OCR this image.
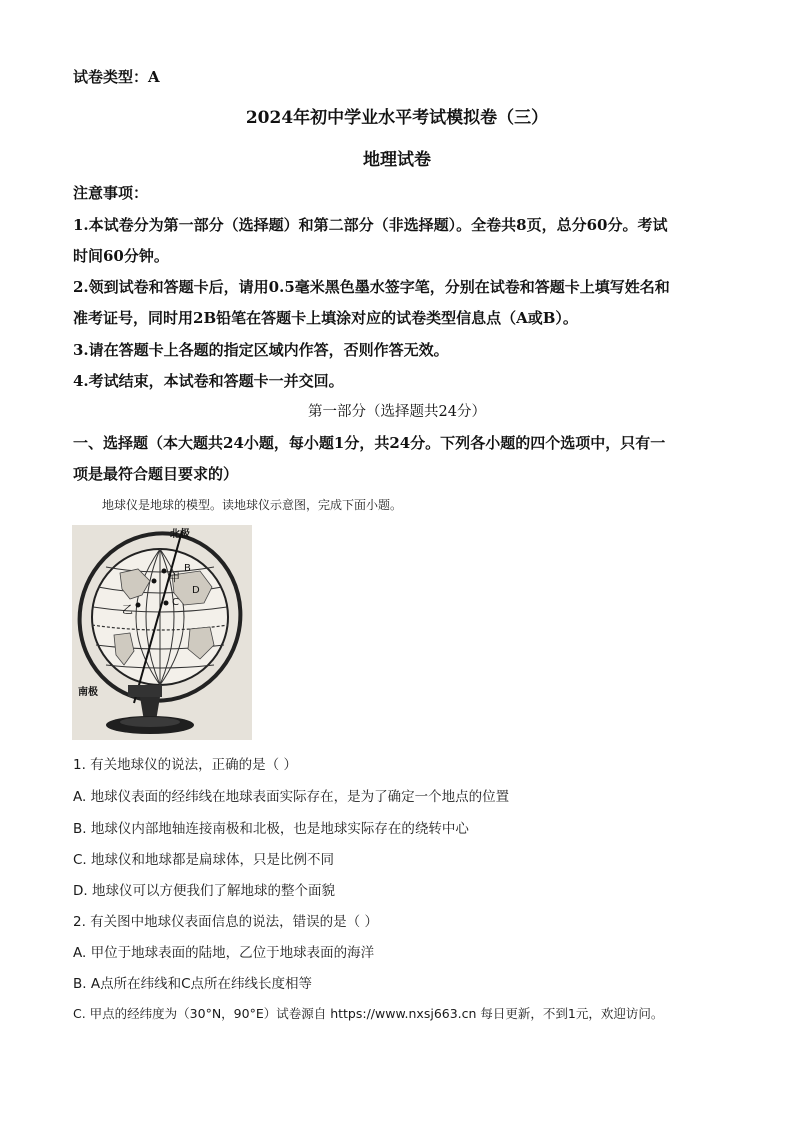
试卷类型：A
2024年初中学业水平考试模拟卷（三）
地理试卷
注意事项：
1.本试卷分为第一部分（选择题）和第二部分（非选择题）。全卷共8页，总分60分。考试
时间60分钟。
2.领到试卷和答题卡后，请用0.5毫米黑色墨水签字笔，分别在试卷和答题卡上填写姓名和
准考证号，同时用2B铅笔在答题卡上填涂对应的试卷类型信息点（A或B）。
3.请在答题卡上各题的指定区域内作答，否则作答无效。
4.考试结束，本试卷和答题卡一并交回。
第一部分（选择题共24分）
一、选择题（本大题共24小题，每小题1分，共24分。下列各小题的四个选项中，只有一
项是最符合题目要求的）
地球仪是地球的模型。读地球仪示意图，完成下面小题。
北极
南极
甲
乙
B
C
D
1. 有关地球仪的说法，正确的是（ ）
A. 地球仪表面的经纬线在地球表面实际存在，是为了确定一个地点的位置
B. 地球仪内部地轴连接南极和北极，也是地球实际存在的绕转中心
C. 地球仪和地球都是扁球体，只是比例不同
D. 地球仪可以方便我们了解地球的整个面貌
2. 有关图中地球仪表面信息的说法，错误的是（ ）
A. 甲位于地球表面的陆地，乙位于地球表面的海洋
B. A点所在纬线和C点所在纬线长度相等
C. 甲点的经纬度为（30°N，90°E）试卷源自 https://www.nxsj663.cn 每日更新，不到1元，欢迎访问。
